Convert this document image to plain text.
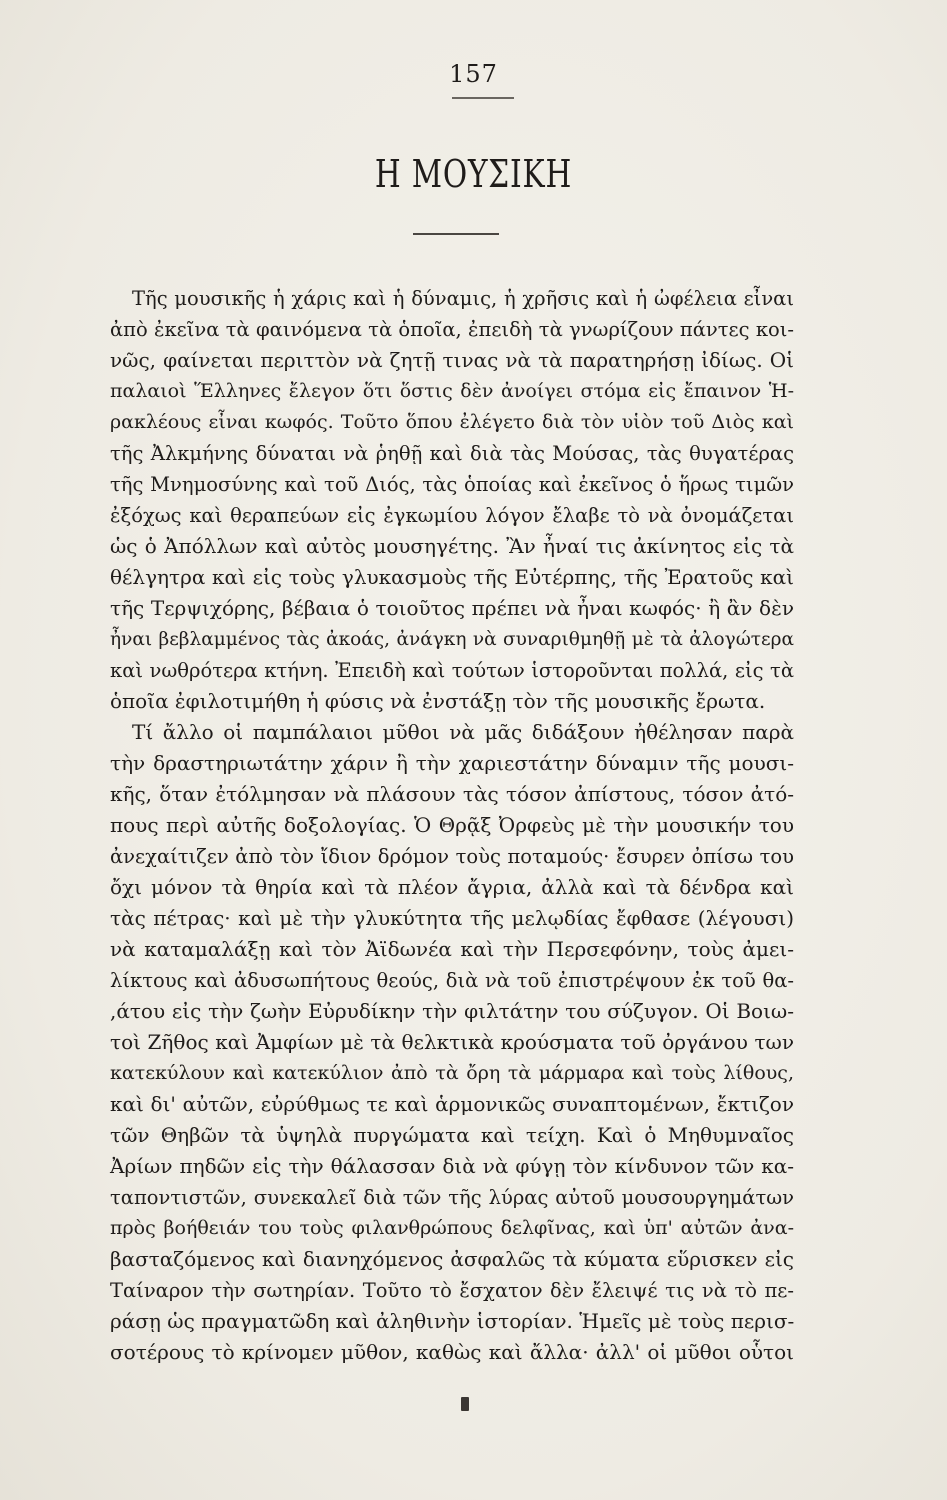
157
Η ΜΟΥΣΙΚΗ
Τῆς μουσικῆς ἡ χάρις καὶ ἡ δύναμις, ἡ χρῆσις καὶ ἡ ὠφέλεια εἶναι
ἀπὸ ἐκεῖνα τὰ φαινόμενα τὰ ὁποῖα, ἐπειδὴ τὰ γνωρίζουν πάντες κοι-
νῶς, φαίνεται περιττὸν νὰ ζητῇ τινας νὰ τὰ παρατηρήσῃ ἰδίως. Οἱ
παλαιοὶ Ἕλληνες ἔλεγον ὅτι ὅστις δὲν ἀνοίγει στόμα εἰς ἔπαινον Ἡ-
ρακλέους εἶναι κωφός. Τοῦτο ὅπου ἐλέγετο διὰ τὸν υἱὸν τοῦ Διὸς καὶ
τῆς Ἀλκμήνης δύναται νὰ ῥηθῇ καὶ διὰ τὰς Μούσας, τὰς θυγατέρας
τῆς Μνημοσύνης καὶ τοῦ Διός, τὰς ὁποίας καὶ ἐκεῖνος ὁ ἥρως τιμῶν
ἐξόχως καὶ θεραπεύων εἰς ἐγκωμίου λόγον ἔλαβε τὸ νὰ ὀνομάζεται
ὡς ὁ Ἀπόλλων καὶ αὐτὸς μουσηγέτης. Ἂν ἦναί τις ἀκίνητος εἰς τὰ
θέλγητρα καὶ εἰς τοὺς γλυκασμοὺς τῆς Εὐτέρπης, τῆς Ἐρατοῦς καὶ
τῆς Τερψιχόρης, βέβαια ὁ τοιοῦτος πρέπει νὰ ἦναι κωφός· ἢ ἂν δὲν
ἦναι βεβλαμμένος τὰς ἀκοάς, ἀνάγκη νὰ συναριθμηθῇ μὲ τὰ ἀλογώτερα
καὶ νωθρότερα κτήνη. Ἐπειδὴ καὶ τούτων ἱστοροῦνται πολλά, εἰς τὰ
ὁποῖα ἐφιλοτιμήθη ἡ φύσις νὰ ἐνστάξῃ τὸν τῆς μουσικῆς ἔρωτα.
Τί ἄλλο οἱ παμπάλαιοι μῦθοι νὰ μᾶς διδάξουν ἠθέλησαν παρὰ
τὴν δραστηριωτάτην χάριν ἢ τὴν χαριεστάτην δύναμιν τῆς μουσι-
κῆς, ὅταν ἐτόλμησαν νὰ πλάσουν τὰς τόσον ἀπίστους, τόσον ἀτό-
πους περὶ αὐτῆς δοξολογίας. Ὁ Θρᾷξ Ὀρφεὺς μὲ τὴν μουσικήν του
ἀνεχαίτιζεν ἀπὸ τὸν ἴδιον δρόμον τοὺς ποταμούς· ἔσυρεν ὀπίσω του
ὄχι μόνον τὰ θηρία καὶ τὰ πλέον ἄγρια, ἀλλὰ καὶ τὰ δένδρα καὶ
τὰς πέτρας· καὶ μὲ τὴν γλυκύτητα τῆς μελῳδίας ἔφθασε (λέγουσι)
νὰ καταμαλάξῃ καὶ τὸν Ἀϊδωνέα καὶ τὴν Περσεφόνην, τοὺς ἀμει-
λίκτους καὶ ἀδυσωπήτους θεούς, διὰ νὰ τοῦ ἐπιστρέψουν ἐκ τοῦ θα-
,άτου εἰς τὴν ζωὴν Εὐρυδίκην τὴν φιλτάτην του σύζυγον. Οἱ Βοιω-
τοὶ Ζῆθος καὶ Ἀμφίων μὲ τὰ θελκτικὰ κρούσματα τοῦ ὀργάνου των
κατεκύλουν καὶ κατεκύλιον ἀπὸ τὰ ὄρη τὰ μάρμαρα καὶ τοὺς λίθους,
καὶ δι' αὐτῶν, εὐρύθμως τε καὶ ἁρμονικῶς συναπτομένων, ἔκτιζον
τῶν Θηβῶν τὰ ὑψηλὰ πυργώματα καὶ τείχη. Καὶ ὁ Μηθυμναῖος
Ἀρίων πηδῶν εἰς τὴν θάλασσαν διὰ νὰ φύγῃ τὸν κίνδυνον τῶν κα-
ταποντιστῶν, συνεκαλεῖ διὰ τῶν τῆς λύρας αὐτοῦ μουσουργημάτων
πρὸς βοήθειάν του τοὺς φιλανθρώπους δελφῖνας, καὶ ὑπ' αὐτῶν ἀνα-
βασταζόμενος καὶ διανηχόμενος ἀσφαλῶς τὰ κύματα εὕρισκεν εἰς
Ταίναρον τὴν σωτηρίαν. Τοῦτο τὸ ἔσχατον δὲν ἔλειψέ τις νὰ τὸ πε-
ράσῃ ὡς πραγματῶδη καὶ ἀληθινὴν ἱστορίαν. Ἡμεῖς μὲ τοὺς περισ-
σοτέρους τὸ κρίνομεν μῦθον, καθὼς καὶ ἄλλα· ἀλλ' οἱ μῦθοι οὗτοι
